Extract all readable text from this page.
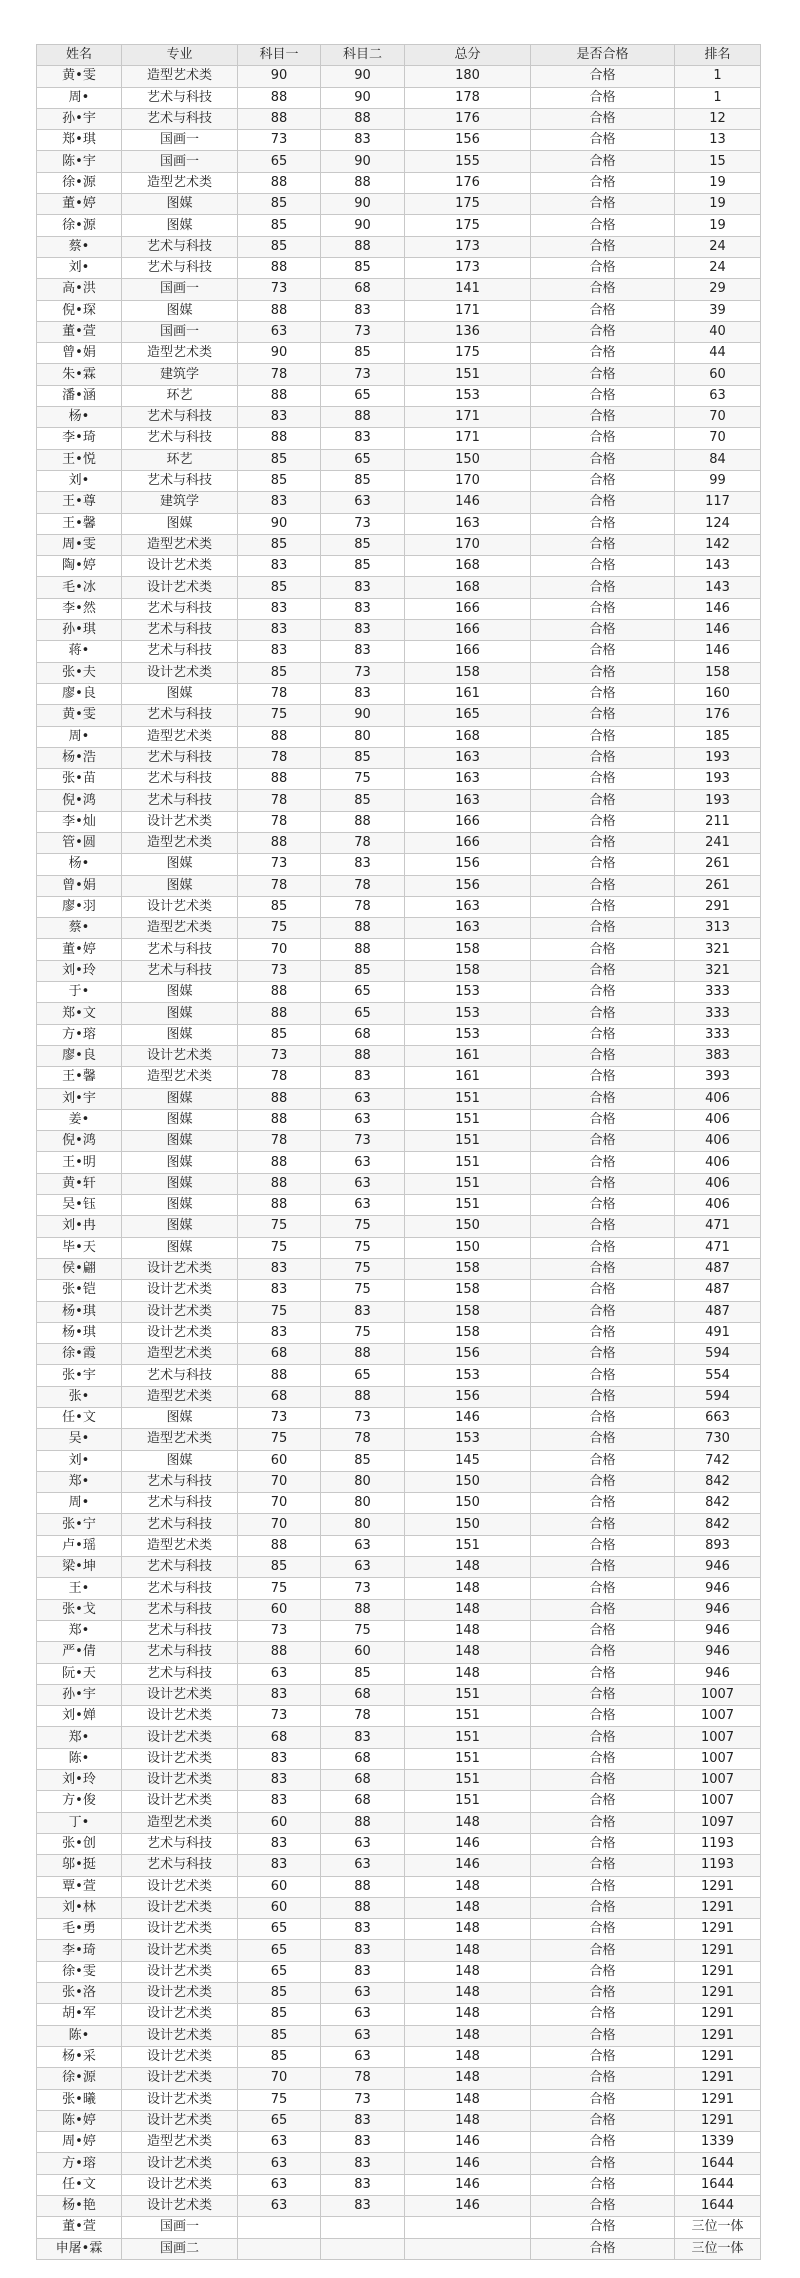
姓名	专业	科目一	科目二	总分	是否合格	排名
黄•雯	造型艺术类	90	90	180	合格	1
周•	艺术与科技	88	90	178	合格	1
孙•宇	艺术与科技	88	88	176	合格	12
郑•琪	国画一	73	83	156	合格	13
陈•宇	国画一	65	90	155	合格	15
徐•源	造型艺术类	88	88	176	合格	19
董•婷	图媒	85	90	175	合格	19
徐•源	图媒	85	90	175	合格	19
蔡•	艺术与科技	85	88	173	合格	24
刘•	艺术与科技	88	85	173	合格	24
高•洪	国画一	73	68	141	合格	29
倪•琛	图媒	88	83	171	合格	39
董•萱	国画一	63	73	136	合格	40
曾•娟	造型艺术类	90	85	175	合格	44
朱•霖	建筑学	78	73	151	合格	60
潘•涵	环艺	88	65	153	合格	63
杨•	艺术与科技	83	88	171	合格	70
李•琦	艺术与科技	88	83	171	合格	70
王•悦	环艺	85	65	150	合格	84
刘•	艺术与科技	85	85	170	合格	99
王•尊	建筑学	83	63	146	合格	117
王•馨	图媒	90	73	163	合格	124
周•雯	造型艺术类	85	85	170	合格	142
陶•婷	设计艺术类	83	85	168	合格	143
毛•冰	设计艺术类	85	83	168	合格	143
李•然	艺术与科技	83	83	166	合格	146
孙•琪	艺术与科技	83	83	166	合格	146
蒋•	艺术与科技	83	83	166	合格	146
张•夫	设计艺术类	85	73	158	合格	158
廖•良	图媒	78	83	161	合格	160
黄•雯	艺术与科技	75	90	165	合格	176
周•	造型艺术类	88	80	168	合格	185
杨•浩	艺术与科技	78	85	163	合格	193
张•苗	艺术与科技	88	75	163	合格	193
倪•鸿	艺术与科技	78	85	163	合格	193
李•灿	设计艺术类	78	88	166	合格	211
管•圆	造型艺术类	88	78	166	合格	241
杨•	图媒	73	83	156	合格	261
曾•娟	图媒	78	78	156	合格	261
廖•羽	设计艺术类	85	78	163	合格	291
蔡•	造型艺术类	75	88	163	合格	313
董•婷	艺术与科技	70	88	158	合格	321
刘•玲	艺术与科技	73	85	158	合格	321
于•	图媒	88	65	153	合格	333
郑•文	图媒	88	65	153	合格	333
方•瑢	图媒	85	68	153	合格	333
廖•良	设计艺术类	73	88	161	合格	383
王•馨	造型艺术类	78	83	161	合格	393
刘•宇	图媒	88	63	151	合格	406
姜•	图媒	88	63	151	合格	406
倪•鸿	图媒	78	73	151	合格	406
王•明	图媒	88	63	151	合格	406
黄•轩	图媒	88	63	151	合格	406
吴•钰	图媒	88	63	151	合格	406
刘•冉	图媒	75	75	150	合格	471
毕•天	图媒	75	75	150	合格	471
侯•翩	设计艺术类	83	75	158	合格	487
张•铠	设计艺术类	83	75	158	合格	487
杨•琪	设计艺术类	75	83	158	合格	487
杨•琪	设计艺术类	83	75	158	合格	491
徐•霞	造型艺术类	68	88	156	合格	594
张•宇	艺术与科技	88	65	153	合格	554
张•	造型艺术类	68	88	156	合格	594
任•文	图媒	73	73	146	合格	663
吴•	造型艺术类	75	78	153	合格	730
刘•	图媒	60	85	145	合格	742
郑•	艺术与科技	70	80	150	合格	842
周•	艺术与科技	70	80	150	合格	842
张•宁	艺术与科技	70	80	150	合格	842
卢•瑶	造型艺术类	88	63	151	合格	893
梁•坤	艺术与科技	85	63	148	合格	946
王•	艺术与科技	75	73	148	合格	946
张•戈	艺术与科技	60	88	148	合格	946
郑•	艺术与科技	73	75	148	合格	946
严•倩	艺术与科技	88	60	148	合格	946
阮•天	艺术与科技	63	85	148	合格	946
孙•宇	设计艺术类	83	68	151	合格	1007
刘•婵	设计艺术类	73	78	151	合格	1007
郑•	设计艺术类	68	83	151	合格	1007
陈•	设计艺术类	83	68	151	合格	1007
刘•玲	设计艺术类	83	68	151	合格	1007
方•俊	设计艺术类	83	68	151	合格	1007
丁•	造型艺术类	60	88	148	合格	1097
张•创	艺术与科技	83	63	146	合格	1193
邬•挺	艺术与科技	83	63	146	合格	1193
覃•萱	设计艺术类	60	88	148	合格	1291
刘•林	设计艺术类	60	88	148	合格	1291
毛•勇	设计艺术类	65	83	148	合格	1291
李•琦	设计艺术类	65	83	148	合格	1291
徐•雯	设计艺术类	65	83	148	合格	1291
张•洛	设计艺术类	85	63	148	合格	1291
胡•军	设计艺术类	85	63	148	合格	1291
陈•	设计艺术类	85	63	148	合格	1291
杨•采	设计艺术类	85	63	148	合格	1291
徐•源	设计艺术类	70	78	148	合格	1291
张•曦	设计艺术类	75	73	148	合格	1291
陈•婷	设计艺术类	65	83	148	合格	1291
周•婷	造型艺术类	63	83	146	合格	1339
方•瑢	设计艺术类	63	83	146	合格	1644
任•文	设计艺术类	63	83	146	合格	1644
杨•艳	设计艺术类	63	83	146	合格	1644
董•萱	国画一				合格	三位一体
申屠•霖	国画二				合格	三位一体
